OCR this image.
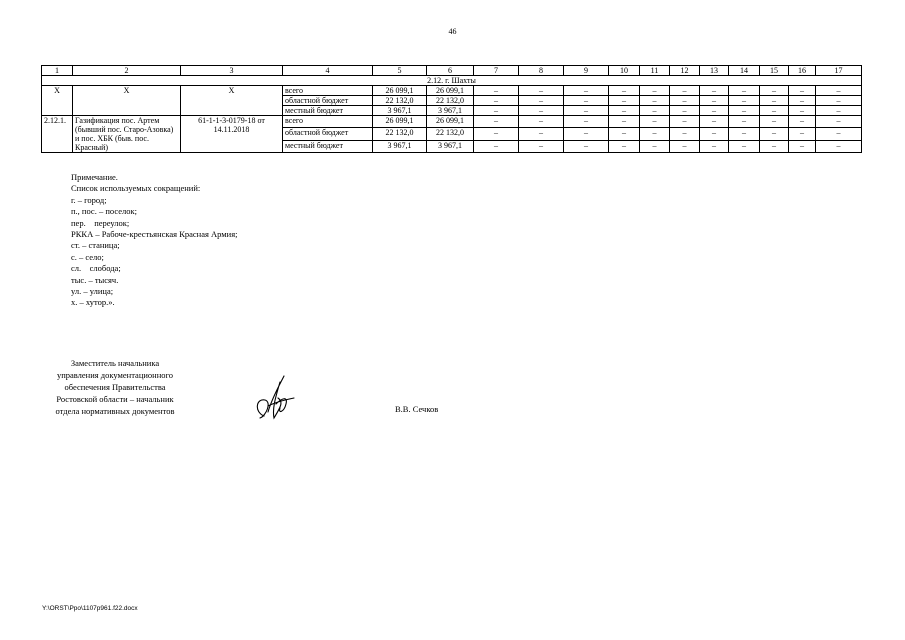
46
1	2	3	4	5	6	7	8	9	10	11	12	13	14	15	16	17
2.12. г. Шахты																
X	X	X	всего	26 099,1	26 099,1	–	–	–	–	–	–	–	–	–	–	–
			областной бюджет	22 132,0	22 132,0	–	–	–	–	–	–	–	–	–	–	–
			местный бюджет	3 967,1	3 967,1	–	–	–	–	–	–	–	–	–	–	–
2.12.1.	Газификация пос. Артем (бывший пос. Старо-Азовка) и пос. ХБК (быв. пос. Красный)	61-1-1-3-0179-18 от 14.11.2018	всего	26 099,1	26 099,1	–	–	–	–	–	–	–	–	–	–	–
			областной бюджет	22 132,0	22 132,0	–	–	–	–	–	–	–	–	–	–	–
			местный бюджет	3 967,1	3 967,1	–	–	–	–	–	–	–	–	–	–	–
Примечание.
Список используемых сокращений:
г. – город;
п., пос. – поселок;
пер.    переулок;
РККА – Рабоче-крестьянская Красная Армия;
ст. – станица;
с. – село;
сл.    слобода;
тыс. – тысяч.
ул. – улица;
х. – хутор.».
Заместитель начальника
управления документационного
обеспечения Правительства
Ростовской области – начальник
отдела нормативных документов	В.В. Сечков
Y:\ORST\Ppo\1107p961.f22.docx
